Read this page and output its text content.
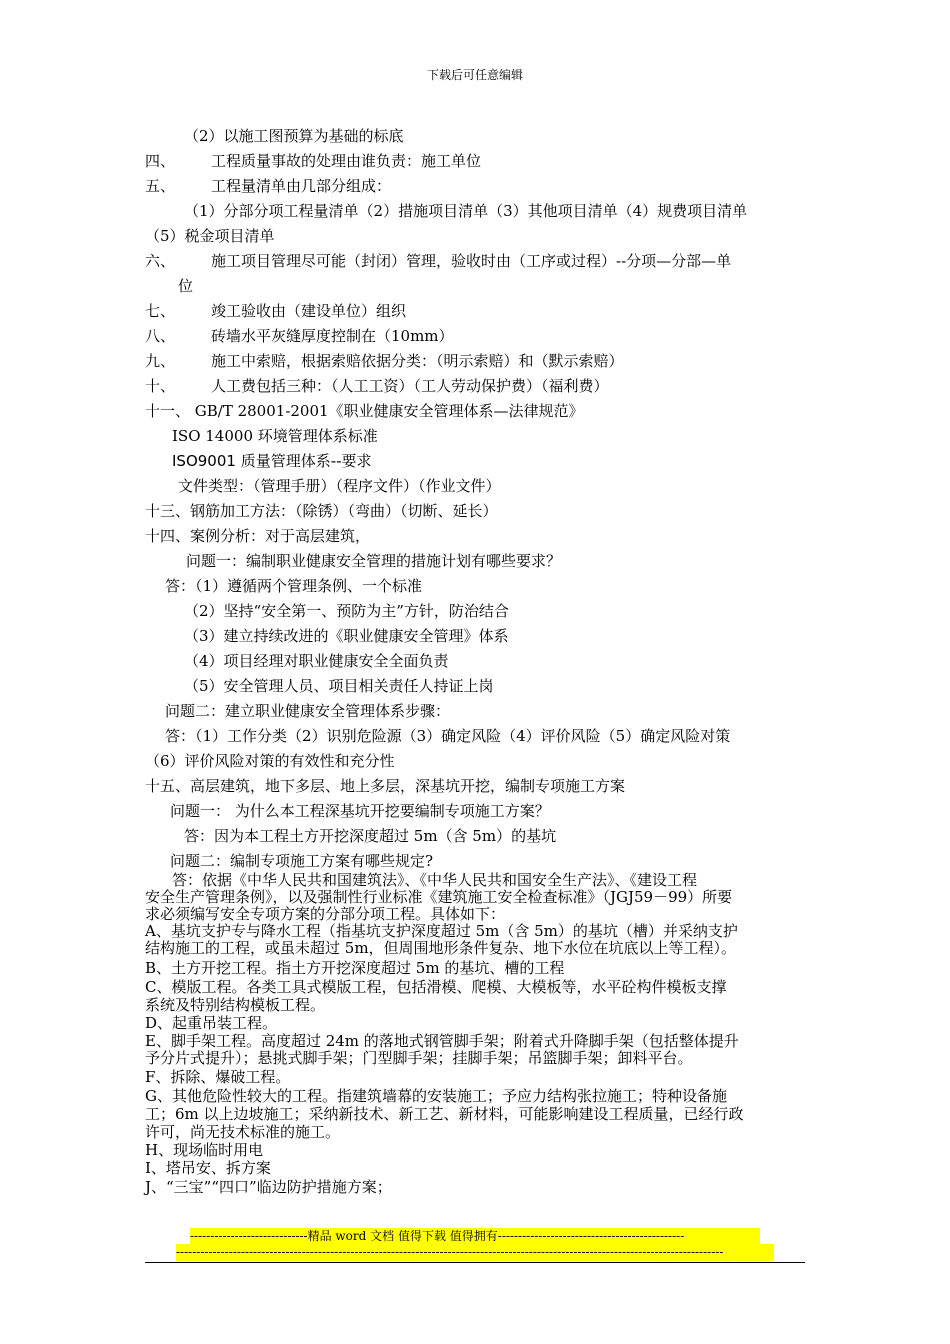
下载后可任意编辑
（2）以施工图预算为基础的标底
四、 工程质量事故的处理由谁负责：施工单位
五、 工程量清单由几部分组成：
（1）分部分项工程量清单（2）措施项目清单（3）其他项目清单（4）规费项目清单
（5）税金项目清单
六、 施工项目管理尽可能（封闭）管理，验收时由（工序或过程）--分项—分部—单
位
七、 竣工验收由（建设单位）组织
八、 砖墙水平灰缝厚度控制在（10mm）
九、 施工中索赔，根据索赔依据分类：（明示索赔）和（默示索赔）
十、 人工费包括三种：（人工工资）（工人劳动保护费）（福利费）
十一、 GB/T 28001-2001《职业健康安全管理体系—法律规范》
ISO 14000 环境管理体系标准
ISO9001 质量管理体系--要求
文件类型：（管理手册）（程序文件）（作业文件）
十三、钢筋加工方法：（除锈）（弯曲）（切断、延长）
十四、案例分析：对于高层建筑，
问题一：编制职业健康安全管理的措施计划有哪些要求？
答：（1）遵循两个管理条例、一个标准
（2）坚持“安全第一、预防为主”方针，防治结合
（3）建立持续改进的《职业健康安全管理》体系
（4）项目经理对职业健康安全全面负责
（5）安全管理人员、项目相关责任人持证上岗
问题二：建立职业健康安全管理体系步骤：
答：（1）工作分类（2）识别危险源（3）确定风险（4）评价风险（5）确定风险对策
（6）评价风险对策的有效性和充分性
十五、高层建筑，地下多层、地上多层，深基坑开挖，编制专项施工方案
问题一： 为什么本工程深基坑开挖要编制专项施工方案？
答：因为本工程土方开挖深度超过 5m（含 5m）的基坑
问题二：编制专项施工方案有哪些规定?
答：依据《中华人民共和国建筑法》、《中华人民共和国安全生产法》、《建设工程
安全生产管理条例》，以及强制性行业标准《建筑施工安全检查标准》（JGJ59－99）所要
求必须编写安全专项方案的分部分项工程。具体如下：
A、基坑支护专与降水工程（指基坑支护深度超过 5m（含 5m）的基坑（槽）并采纳支护
结构施工的工程，或虽未超过 5m，但周围地形条件复杂、地下水位在坑底以上等工程）。
B、土方开挖工程。指土方开挖深度超过 5m 的基坑、槽的工程
C、模版工程。各类工具式模版工程，包括滑模、爬模、大模板等，水平砼构件模板支撑
系统及特别结构模板工程。
D、起重吊装工程。
E、脚手架工程。高度超过 24m 的落地式钢管脚手架；附着式升降脚手架（包括整体提升
予分片式提升）；悬挑式脚手架；门型脚手架；挂脚手架；吊篮脚手架；卸料平台。
F、拆除、爆破工程。
G、其他危险性较大的工程。指建筑墙幕的安装施工；予应力结构张拉施工；特种设备施
工；6m 以上边坡施工；采纳新技术、新工艺、新材料，可能影响建设工程质量，已经行政
许可，尚无技术标准的施工。
H、现场临时用电
I、塔吊安、拆方案
J、“三宝”“四口”临边防护措施方案；
-----------------------------精品 word 文档 值得下载 值得拥有----------------------------------------------
---------------------------------------------------------------------------------------------------------------------------------------
